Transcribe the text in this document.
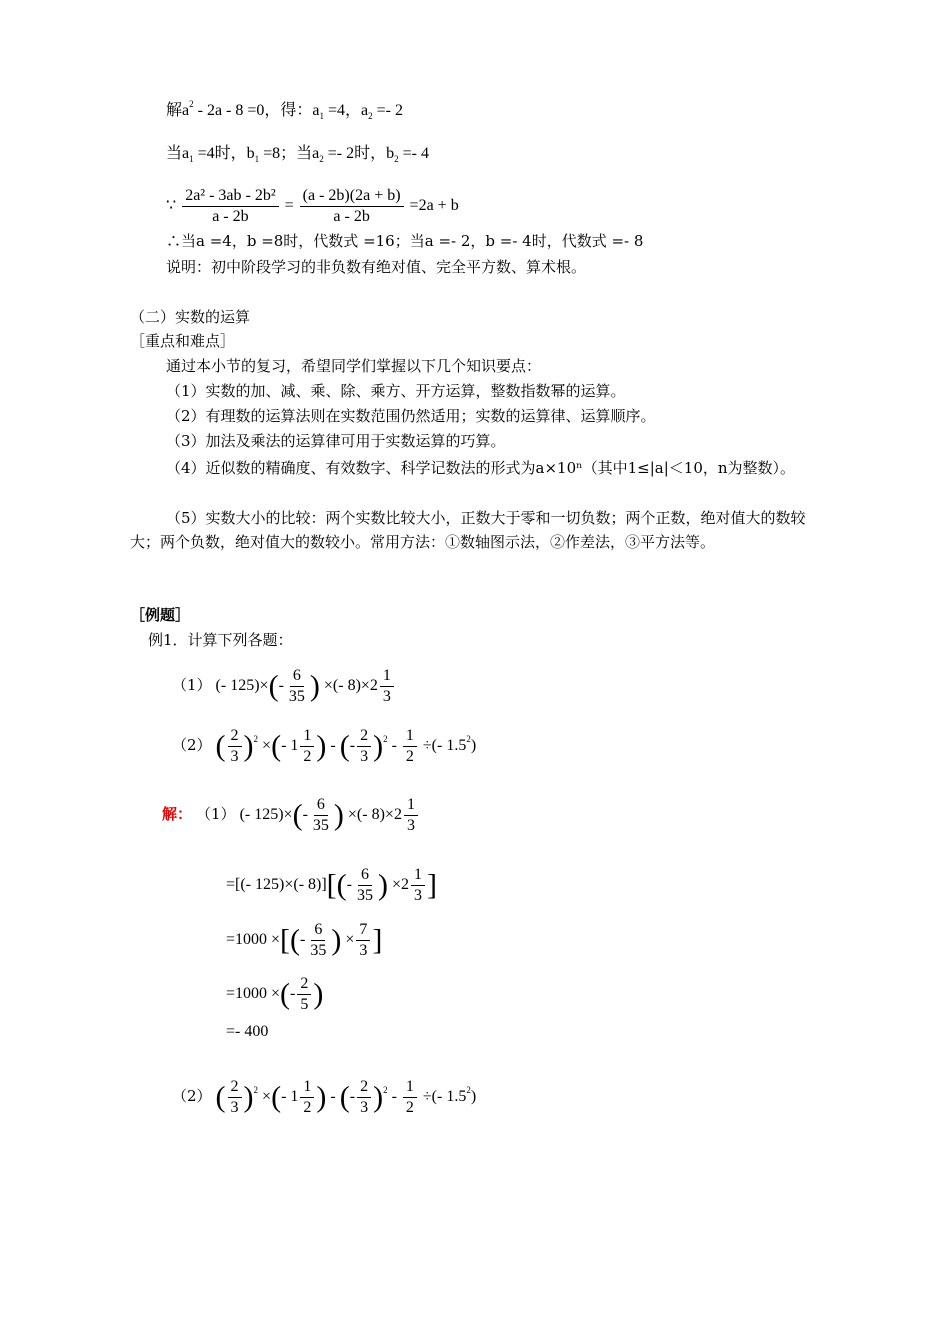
解$a^2 - 2a - 8 =0$，得：$a_1 =4$，$a_2 =- 2$
当$a_1 =4$时，$b_1 =8$；当$a_2 =- 2$时，$b_2 =- 4$
∵ $\frac{\text{2a² - 3ab - 2b²}}{a - 2b} = \frac{(a - 2b)(2a + b)}{a - 2b} =2a + b$
∴当a =4，b =8时，代数式 =16；当a =- 2，b =- 4时，代数式 =- 8
说明：初中阶段学习的非负数有绝对值、完全平方数、算术根。
（二）实数的运算
［重点和难点］
通过本小节的复习，希望同学们掌握以下几个知识要点：
（1）实数的加、减、乘、除、乘方、开方运算，整数指数幂的运算。
（2）有理数的运算法则在实数范围仍然适用；实数的运算律、运算顺序。
（3）加法及乘法的运算律可用于实数运算的巧算。
（4）近似数的精确度、有效数字、科学记数法的形式为a×10ⁿ（其中1≤|a|＜10，n为整数）。
（5）实数大小的比较：两个实数比较大小，正数大于零和一切负数；两个正数，绝对值大的数较大；两个负数，绝对值大的数较小。常用方法：①数轴图示法，②作差法，③平方法等。
［例题］
例1．计算下列各题：
（1） (- $125)\times(- \frac{6}{35}$ ) ×(- $8)\times 2 \frac{1}{3}$
（2） ( $\frac{2}{3} )^2$ ×(- $1 \frac{1}{2}$ ) - (- $\frac{2}{3} )^2 - \frac{1}{2}$ ÷(- $1.5^2$)
解： （1） (- $125)\times(- \frac{6}{35}$ ) ×(- $8)\times 2 \frac{1}{3}$
=[(- 125)×(- $8)][(- \frac{6}{35}$ ) $\times 2 \frac{1}{3}$ ]
=1000 ×[(- $\frac{6}{35}$ ) × $\frac{7}{3}$ ]
=1000 ×(- $\frac{2}{5}$ )
=- 400
（2） ( $\frac{2}{3} )^2$ ×(- $1 \frac{1}{2}$ ) - (- $\frac{2}{3} )^2 - \frac{1}{2}$ ÷(- $1.5^2$)
